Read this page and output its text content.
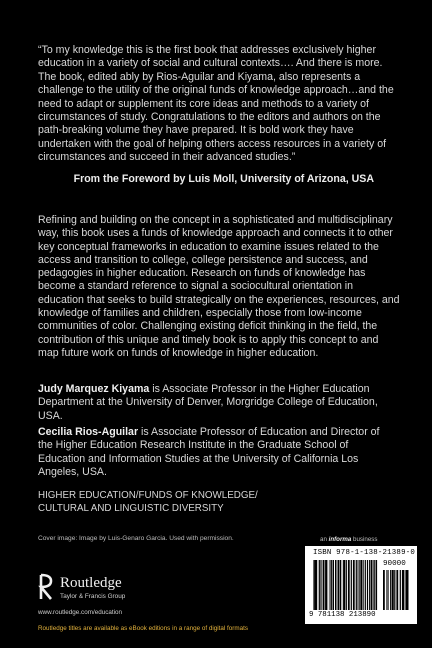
“To my knowledge this is the first book that addresses exclusively higher education in a variety of social and cultural contexts…. And there is more. The book, edited ably by Rios-Aguilar and Kiyama, also represents a challenge to the utility of the original funds of knowledge approach…and the need to adapt or supplement its core ideas and methods to a variety of circumstances of study. Congratulations to the editors and authors on the path-breaking volume they have prepared. It is bold work they have undertaken with the goal of helping others access resources in a variety of circumstances and succeed in their advanced studies.”

From the Foreword by Luis Moll, University of Arizona, USA

Refining and building on the concept in a sophisticated and multidisciplinary way, this book uses a funds of knowledge approach and connects it to other key conceptual frameworks in education to examine issues related to the access and transition to college, college persistence and success, and pedagogies in higher education. Research on funds of knowledge has become a standard reference to signal a sociocultural orientation in education that seeks to build strategically on the experiences, resources, and knowledge of families and children, especially those from low-income communities of color. Challenging existing deficit thinking in the field, the contribution of this unique and timely book is to apply this concept to and map future work on funds of knowledge in higher education.

Judy Marquez Kiyama is Associate Professor in the Higher Education Department at the University of Denver, Morgridge College of Education, USA.

Cecilia Rios-Aguilar is Associate Professor of Education and Director of the Higher Education Research Institute in the Graduate School of Education and Information Studies at the University of California Los Angeles, USA.

HIGHER EDUCATION/FUNDS OF KNOWLEDGE/
CULTURAL AND LINGUISTIC DIVERSITY

Cover image: Image by Luis-Genaro Garcia. Used with permission.	an informa business
Routledge
Taylor & Francis Group
www.routledge.com/education
Routledge titles are available as eBook editions in a range of digital formats
ISBN 978-1-138-21389-0
90000
9 781138 213890
